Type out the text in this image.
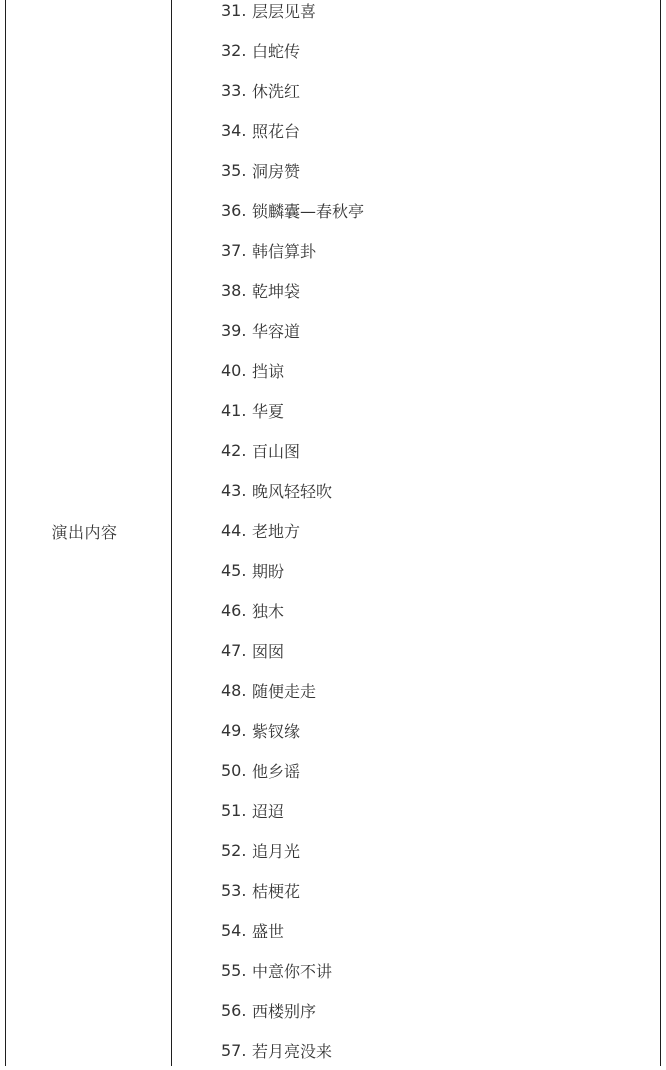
演出内容
31. 层层见喜
32. 白蛇传
33. 休洗红
34. 照花台
35. 洞房赞
36. 锁麟囊—春秋亭
37. 韩信算卦
38. 乾坤袋
39. 华容道
40. 挡谅
41. 华夏
42. 百山图
43. 晚风轻轻吹
44. 老地方
45. 期盼
46. 独木
47. 囡囡
48. 随便走走
49. 紫钗缘
50. 他乡谣
51. 迢迢
52. 追月光
53. 桔梗花
54. 盛世
55. 中意你不讲
56. 西楼别序
57. 若月亮没来
